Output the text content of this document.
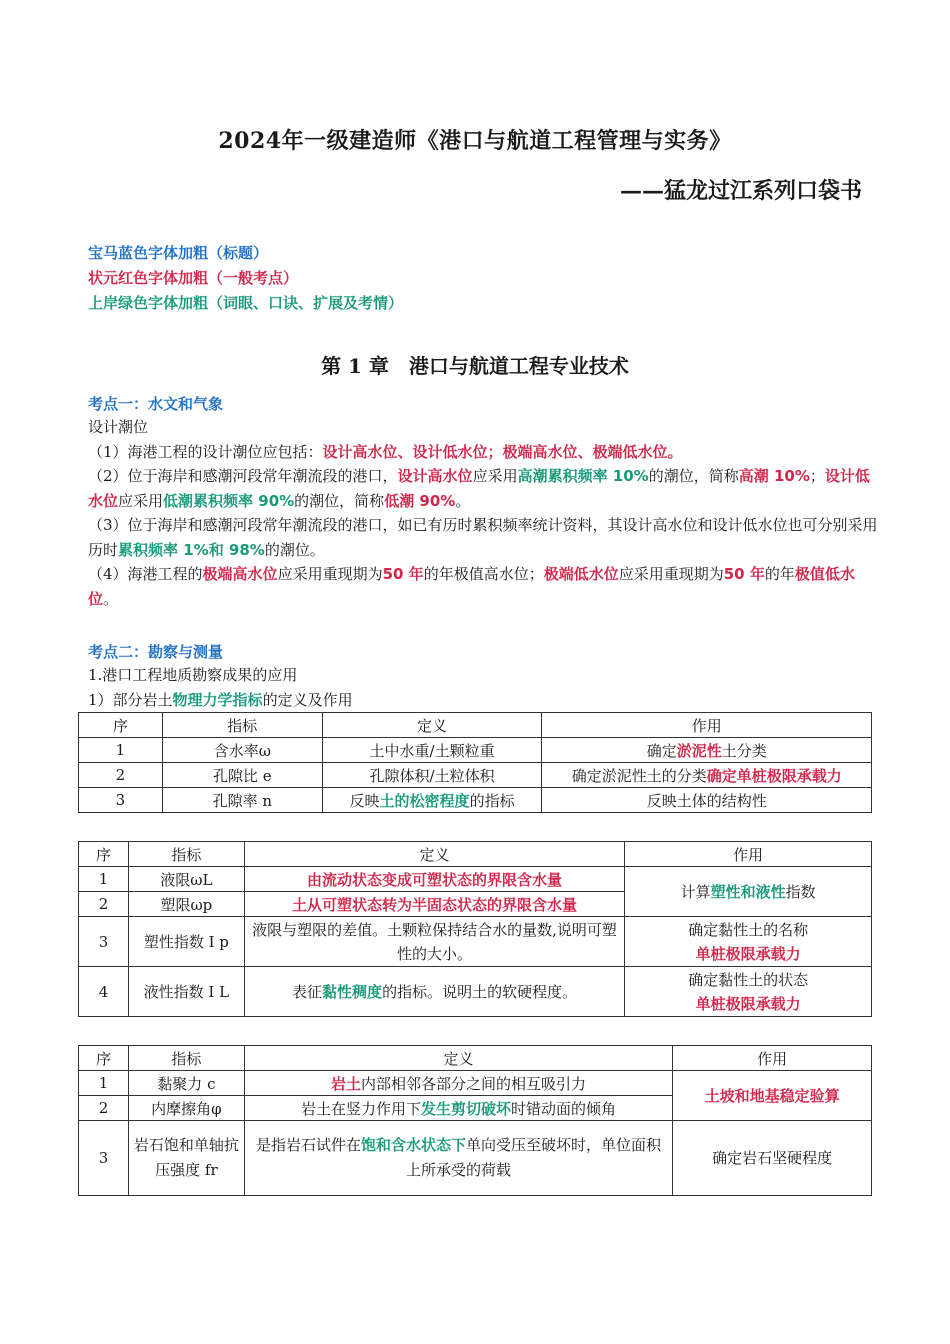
2024年一级建造师《港口与航道工程管理与实务》
——猛龙过江系列口袋书
宝马蓝色字体加粗（标题）
状元红色字体加粗（一般考点）
上岸绿色字体加粗（词眼、口诀、扩展及考情）
第 1 章　港口与航道工程专业技术
考点一：水文和气象
设计潮位
（1）海港工程的设计潮位应包括：设计高水位、设计低水位；极端高水位、极端低水位。
（2）位于海岸和感潮河段常年潮流段的港口，设计高水位应采用高潮累积频率 10%的潮位，简称高潮 10%；设计低水位应采用低潮累积频率 90%的潮位，简称低潮 90%。
（3）位于海岸和感潮河段常年潮流段的港口，如已有历时累积频率统计资料，其设计高水位和设计低水位也可分别采用历时累积频率 1%和 98%的潮位。
（4）海港工程的极端高水位应采用重现期为50 年的年极值高水位；极端低水位应采用重现期为50 年的年极值低水位。
考点二：勘察与测量
1.港口工程地质勘察成果的应用
1）部分岩土物理力学指标的定义及作用
序	指标	定义	作用
1	含水率ω	土中水重/土颗粒重	确定淤泥性土分类
2	孔隙比 e	孔隙体积/土粒体积	确定淤泥性土的分类确定单桩极限承载力
3	孔隙率 n	反映土的松密程度的指标	反映土体的结构性
序	指标	定义	作用
1	液限ωL	由流动状态变成可塑状态的界限含水量	计算塑性和液性指数
2	塑限ωp	土从可塑状态转为半固态状态的界限含水量	
3	塑性指数 I p	液限与塑限的差值。土颗粒保持结合水的量数,说明可塑性的大小。	确定黏性土的名称
单桩极限承载力

4	液性指数 I L	表征黏性稠度的指标。说明土的软硬程度。	确定黏性土的状态
单桩极限承载力
序	指标	定义	作用
1	黏聚力 c	岩土内部相邻各部分之间的相互吸引力	土坡和地基稳定验算
2	内摩擦角φ	岩土在竖力作用下发生剪切破坏时错动面的倾角	
3	岩石饱和单轴抗压强度 fr	是指岩石试件在饱和含水状态下单向受压至破坏时，单位面积上所承受的荷载	确定岩石坚硬程度
